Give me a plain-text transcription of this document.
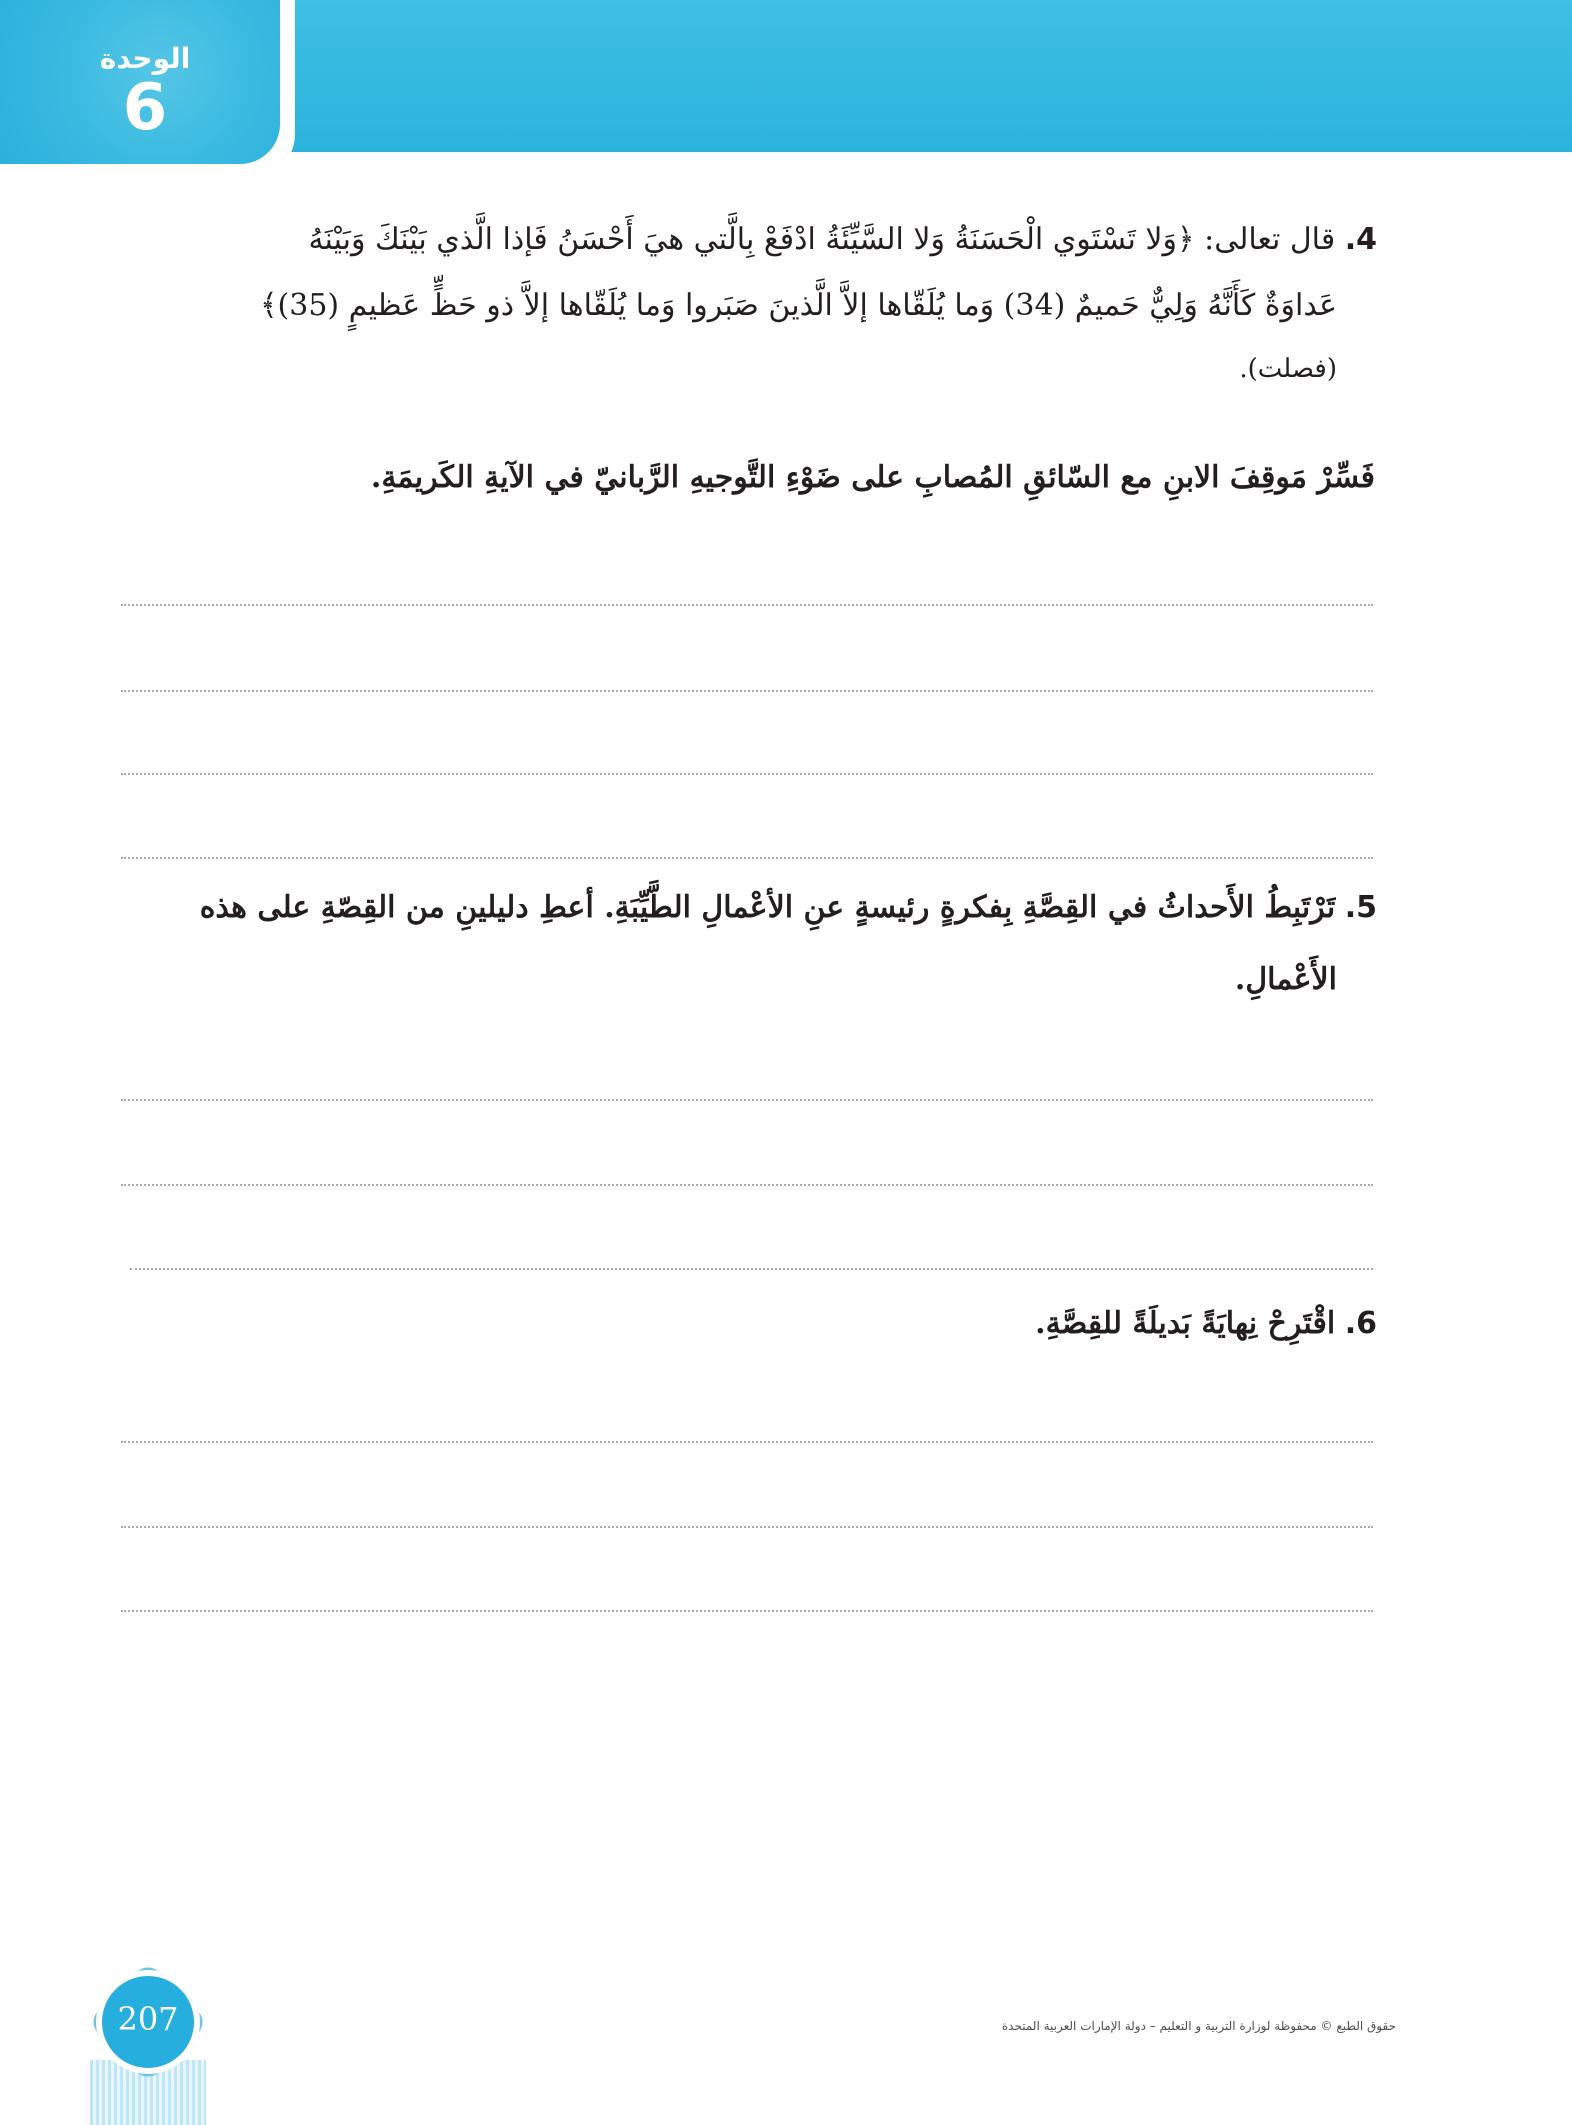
الوحدة
6
4. قال تعالى: ﴿وَلا تَسْتَوي الْحَسَنَةُ وَلا السَّيِّئَةُ ادْفَعْ بِالَّتي هيَ أَحْسَنُ فَإذا الَّذي بَيْنَكَ وَبَيْنَهُ
عَداوَةٌ كَأَنَّهُ وَلِيٌّ حَميمٌ (34) وَما يُلَقّاها إلاَّ الَّذينَ صَبَروا وَما يُلَقّاها إلاَّ ذو حَظٍّ عَظيمٍ (35)﴾
(فصلت).
فَسِّرْ مَوقِفَ الابنِ مع السّائقِ المُصابِ على ضَوْءِ التَّوجيهِ الرَّبانيّ في الآيةِ الكَريمَةِ.
5. تَرْتَبِطُ الأَحداثُ في القِصَّةِ بِفكرةٍ رئيسةٍ عنِ الأعْمالِ الطَّيِّبَةِ. أعطِ دليلينِ من القِصّةِ على هذه
الأَعْمالِ.
6. اقْتَرِحْ نِهايَةً بَديلَةً للقِصَّةِ.
207	حقوق الطبع © محفوظة لوزارة التربية و التعليم – دولة الإمارات العربية المتحدة
